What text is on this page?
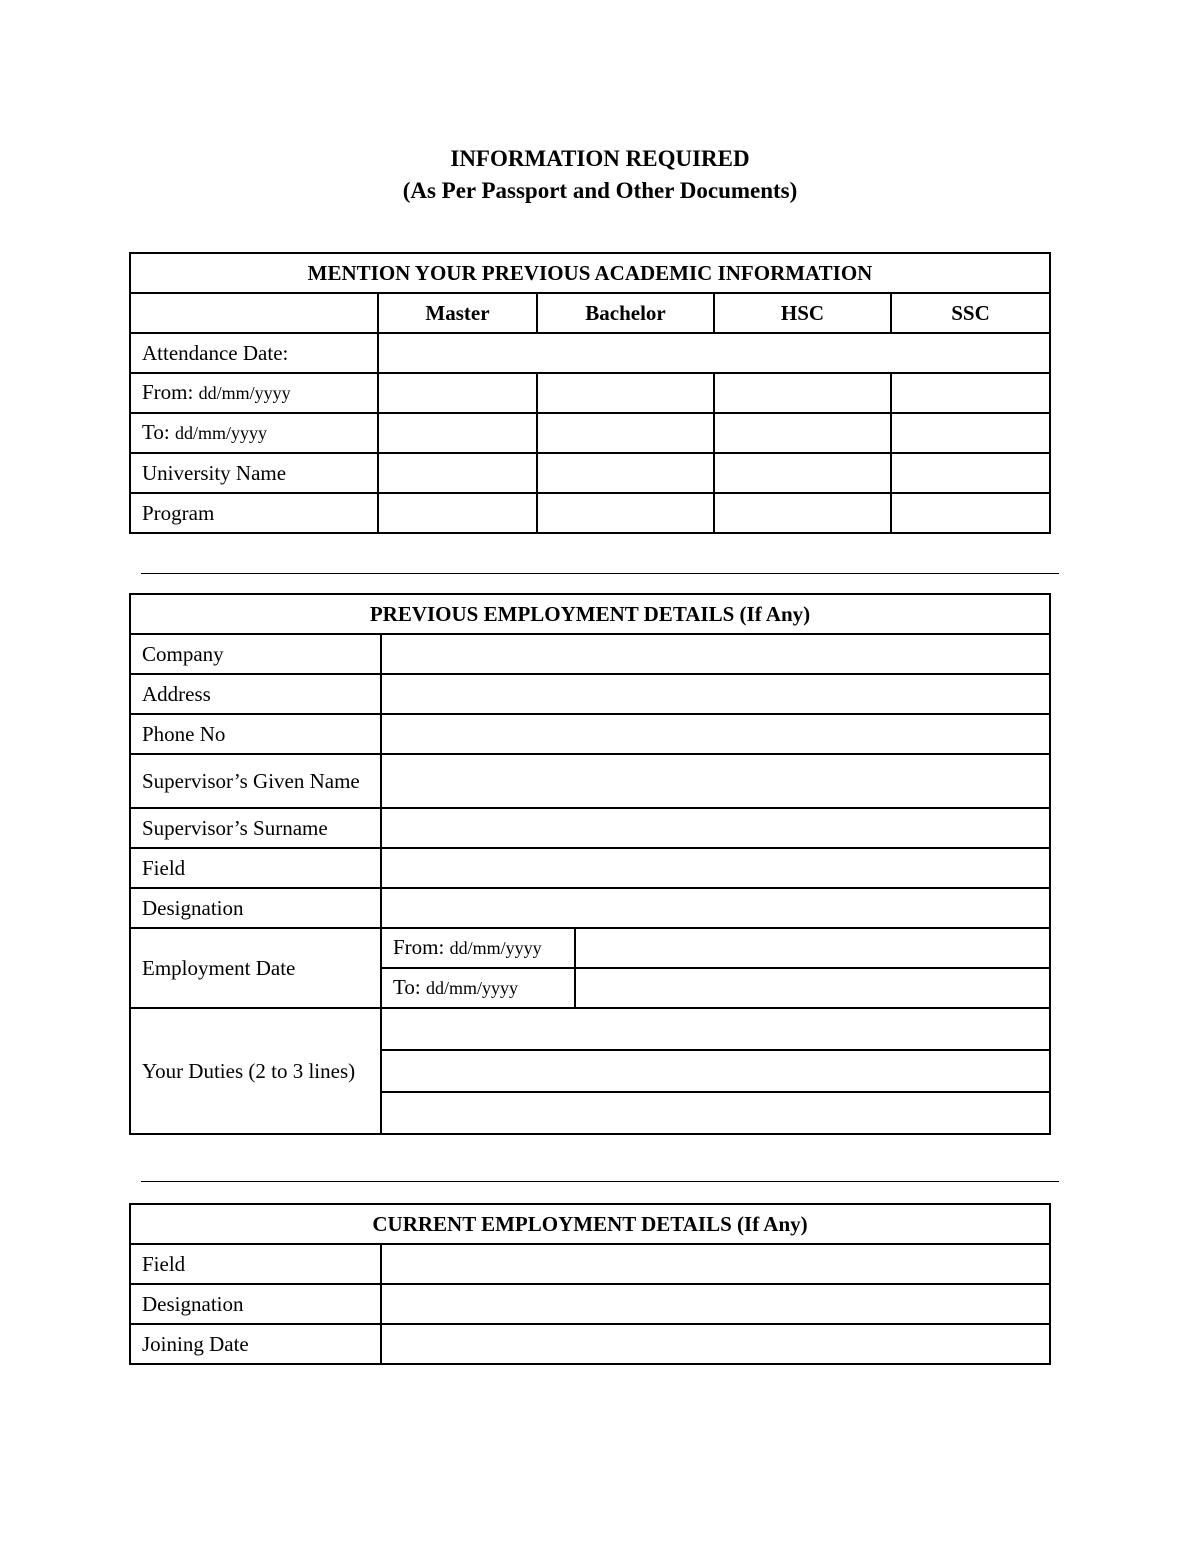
INFORMATION REQUIRED
(As Per Passport and Other Documents)
MENTION YOUR PREVIOUS ACADEMIC INFORMATION				
	Master	Bachelor	HSC	SSC
Attendance Date:				
From: dd/mm/yyyy				
To: dd/mm/yyyy				
University Name				
Program				
PREVIOUS EMPLOYMENT DETAILS (If Any)
Company	
Address	
Phone No	
Supervisor’s Given Name	
Supervisor’s Surname	
Field	
Designation	
Employment Date	From: dd/mm/yyyy	
To: dd/mm/yyyy	
Your Duties (2 to 3 lines)	

CURRENT EMPLOYMENT DETAILS (If Any)	
Field	
Designation	
Joining Date	
